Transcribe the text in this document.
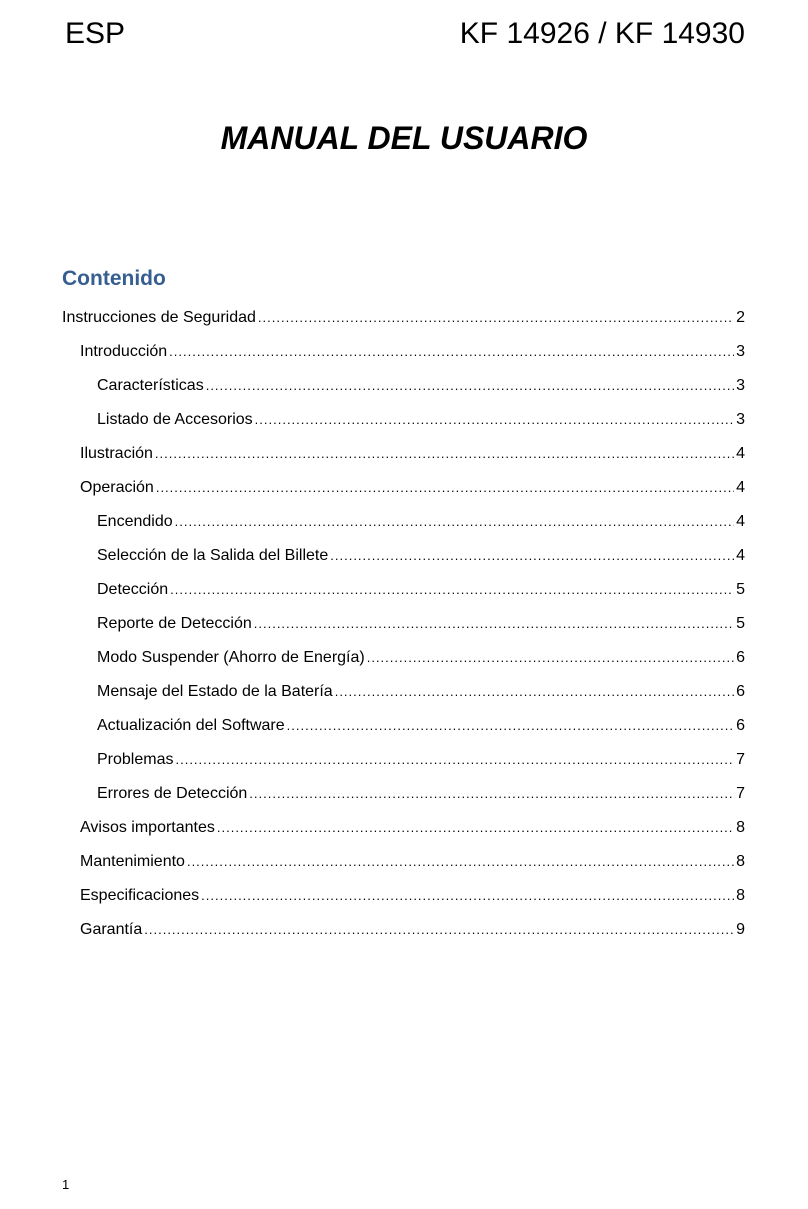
ESP	KF 14926 / KF 14930
MANUAL DEL USUARIO
Contenido
Instrucciones de Seguridad .....	2
Introducción .....	3
Características .....	3
Listado de Accesorios .....	3
Ilustración .....	4
Operación .....	4
Encendido .....	4
Selección de la Salida del Billete .....	4
Detección .....	5
Reporte de Detección .....	5
Modo Suspender (Ahorro de Energía) .....	6
Mensaje del Estado de la Batería .....	6
Actualización del Software .....	6
Problemas .....	7
Errores de Detección .....	7
Avisos importantes .....	8
Mantenimiento .....	8
Especificaciones .....	8
Garantía .....	9
1
